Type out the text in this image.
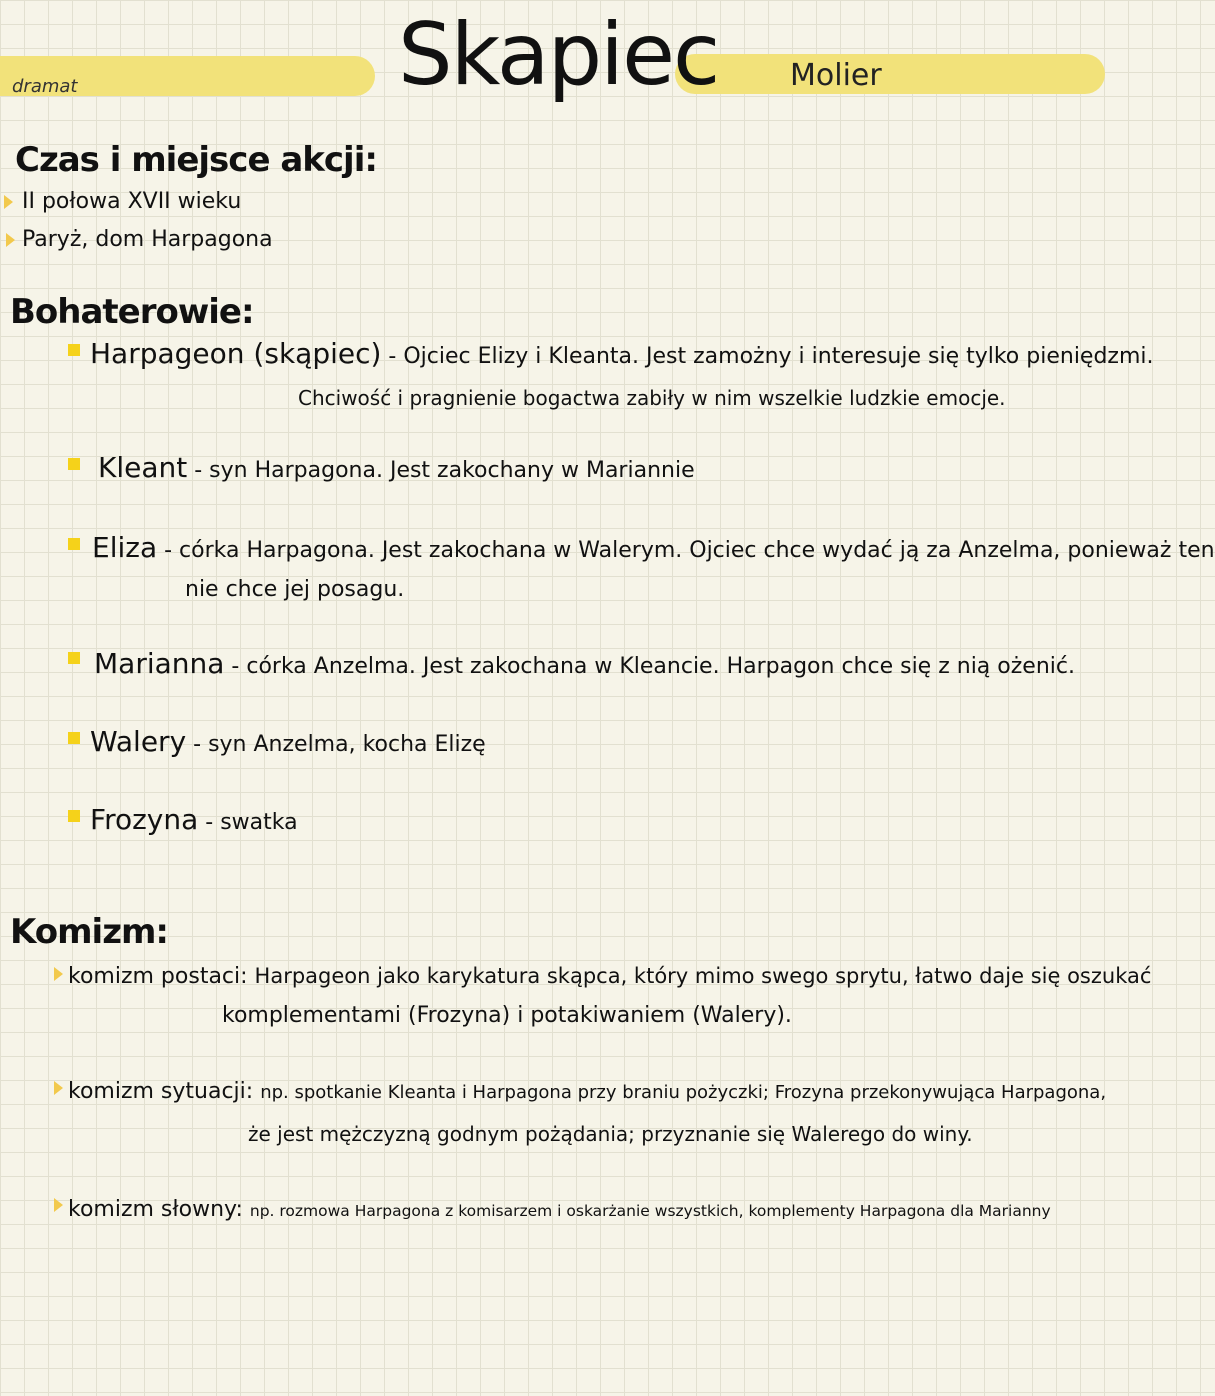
dramat	Skapiec Molier
Czas i miejsce akcji:
II połowa XVII wieku
Paryż, dom Harpagona
Bohaterowie:
Harpageon (skąpiec) - Ojciec Elizy i Kleanta. Jest zamożny i interesuje się tylko pieniędzmi.
Chciwość i pragnienie bogactwa zabiły w nim wszelkie ludzkie emocje.
Kleant - syn Harpagona. Jest zakochany w Mariannie
Eliza - córka Harpagona. Jest zakochana w Walerym. Ojciec chce wydać ją za Anzelma, ponieważ ten
nie chce jej posagu.
Marianna - córka Anzelma. Jest zakochana w Kleancie. Harpagon chce się z nią ożenić.
Walery - syn Anzelma, kocha Elizę
Frozyna - swatka
Komizm:
komizm postaci: Harpageon jako karykatura skąpca, który mimo swego sprytu, łatwo daje się oszukać
komplementami (Frozyna) i potakiwaniem (Walery).
komizm sytuacji: np. spotkanie Kleanta i Harpagona przy braniu pożyczki; Frozyna przekonywująca Harpagona,
że jest mężczyzną godnym pożądania; przyznanie się Walerego do winy.
komizm słowny: np. rozmowa Harpagona z komisarzem i oskarżanie wszystkich, komplementy Harpagona dla Marianny
